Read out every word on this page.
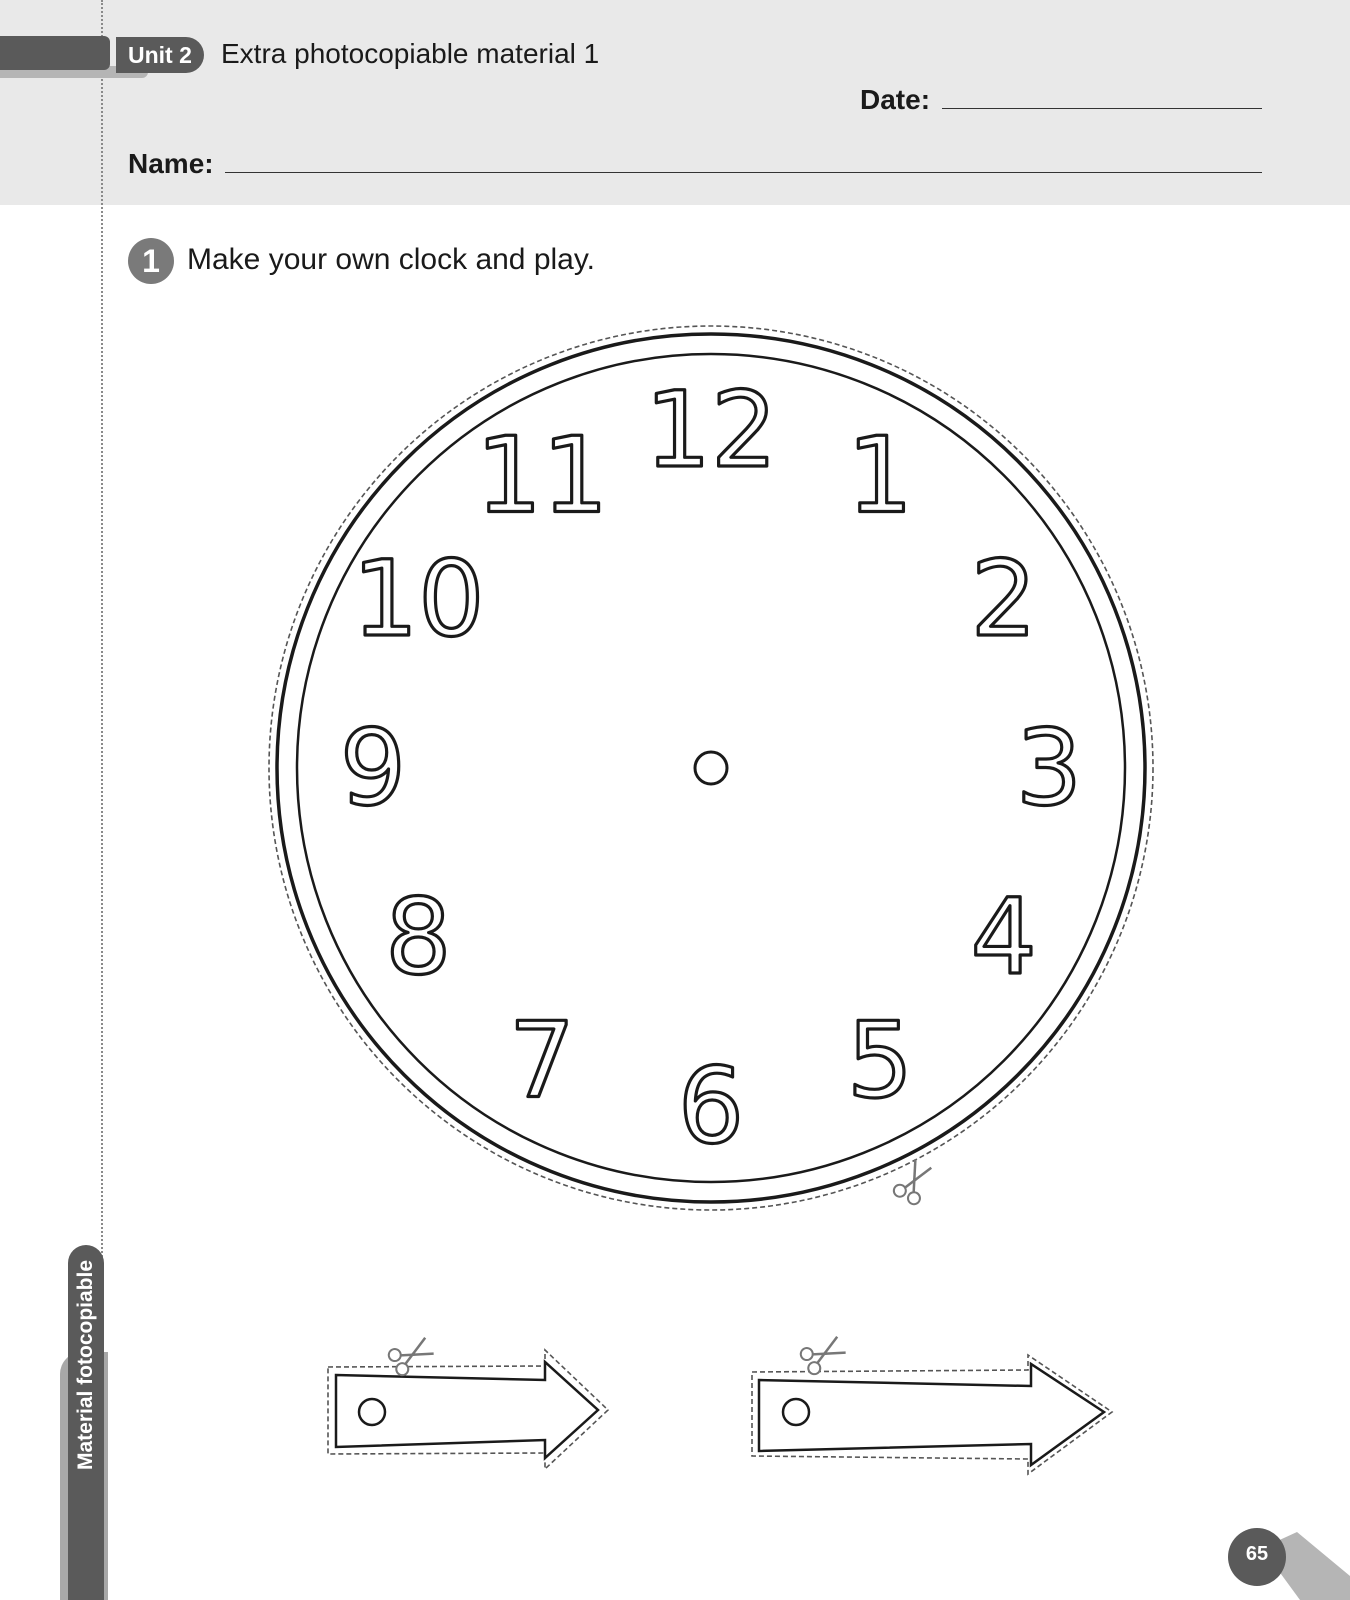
Unit 2	Extra photocopiable material 1
Date:
Name:
1 Make your own clock and play.
12 1
2
3
4
5
6
7
8
9
10
11
Material fotocopiable
65
